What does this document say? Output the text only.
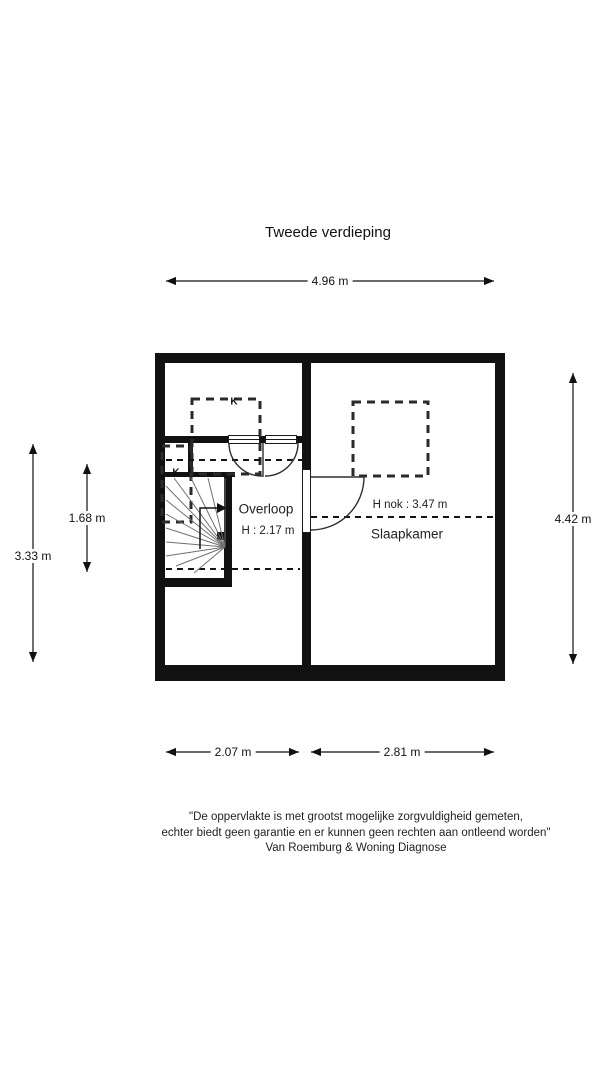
Tweede verdieping
Overloop
H : 2.17 m
H nok : 3.47 m
Slaapkamer
K
K
4.96 m
3.33 m
1.68 m	4.42 m
2.07 m	2.81 m
"De oppervlakte is met grootst mogelijke zorgvuldigheid gemeten,
echter biedt geen garantie en er kunnen geen rechten aan ontleend worden"
Van Roemburg & Woning Diagnose
